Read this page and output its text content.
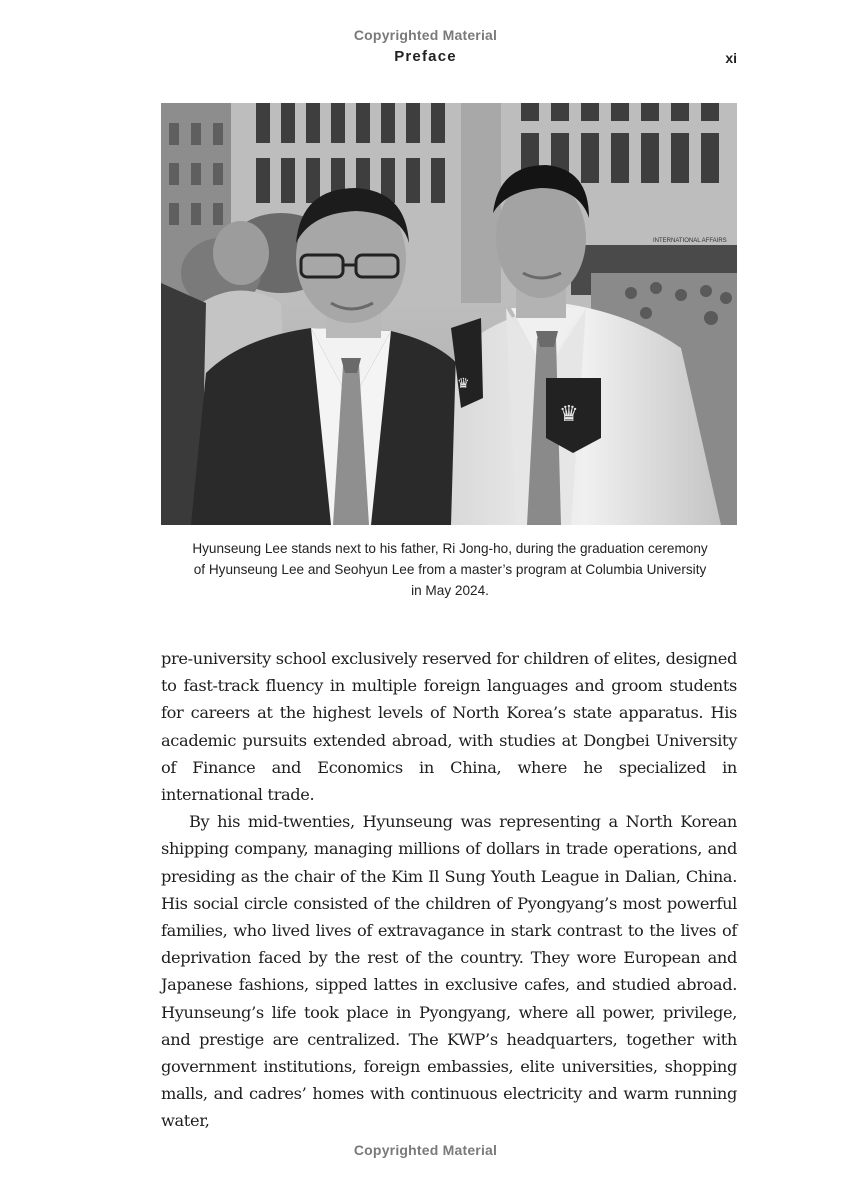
Copyrighted Material
Preface	xi
INTERNATIONAL AFFAIRS
♛
♛
Hyunseung Lee stands next to his father, Ri Jong-ho, during the graduation ceremony of Hyunseung Lee and Seohyun Lee from a master’s program at Columbia University in May 2024.

pre-university school exclusively reserved for children of elites, designed to fast-track fluency in multiple foreign languages and groom students for careers at the highest levels of North Korea’s state apparatus. His academic pursuits extended abroad, with studies at Dongbei University of Finance and Economics in China, where he specialized in international trade.

By his mid-twenties, Hyunseung was representing a North Korean shipping company, managing millions of dollars in trade operations, and presiding as the chair of the Kim Il Sung Youth League in Dalian, China. His social circle consisted of the children of Pyongyang’s most powerful families, who lived lives of extravagance in stark contrast to the lives of deprivation faced by the rest of the country. They wore European and Japanese fashions, sipped lattes in exclusive cafes, and studied abroad. Hyunseung’s life took place in Pyongyang, where all power, privilege, and prestige are centralized. The KWP’s headquarters, together with government institutions, foreign embassies, elite universities, shopping malls, and cadres’ homes with continuous electricity and warm running water,

Copyrighted Material
